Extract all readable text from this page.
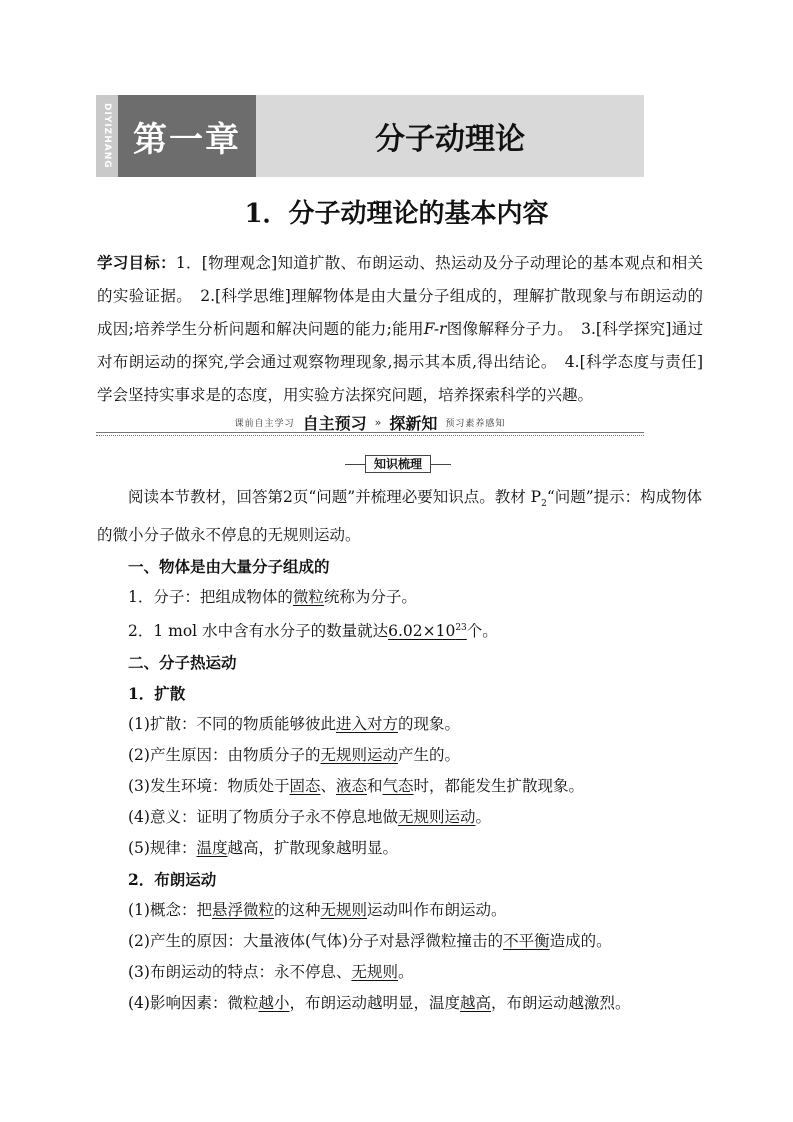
DIYIZHANG 第一章	分子动理论
1．分子动理论的基本内容
学习目标：1．[物理观念]知道扩散、布朗运动、热运动及分子动理论的基本观点和相关的实验证据。　2.[科学思维]理解物体是由大量分子组成的，理解扩散现象与布朗运动的成因;培养学生分析问题和解决问题的能力;能用F-r图像解释分子力。　3.[科学探究]通过对布朗运动的探究,学会通过观察物理现象,揭示其本质,得出结论。　4.[科学态度与责任]学会坚持实事求是的态度，用实验方法探究问题，培养探索科学的兴趣。
课前自主学习 自主预习 » 探新知 预习素养感知
知识梳理

阅读本节教材，回答第2页“问题”并梳理必要知识点。教材 $P_2“$问题”提示：构成物体的微小分子做永不停息的无规则运动。

一、物体是由大量分子组成的

1．分子：把组成物体的微粒统称为分子。

2．1 mol 水中含有水分子的数量就达$6.02\times 10^{23}$个。

二、分子热运动

1．扩散

(1)扩散：不同的物质能够彼此进入对方的现象。

(2)产生原因：由物质分子的无规则运动产生的。

(3)发生环境：物质处于固态、液态和气态时，都能发生扩散现象。

(4)意义：证明了物质分子永不停息地做无规则运动。

(5)规律：温度越高，扩散现象越明显。

2．布朗运动

(1)概念：把悬浮微粒的这种无规则运动叫作布朗运动。

(2)产生的原因：大量液体(气体)分子对悬浮微粒撞击的不平衡造成的。

(3)布朗运动的特点：永不停息、无规则。

(4)影响因素：微粒越小，布朗运动越明显，温度越高，布朗运动越激烈。
